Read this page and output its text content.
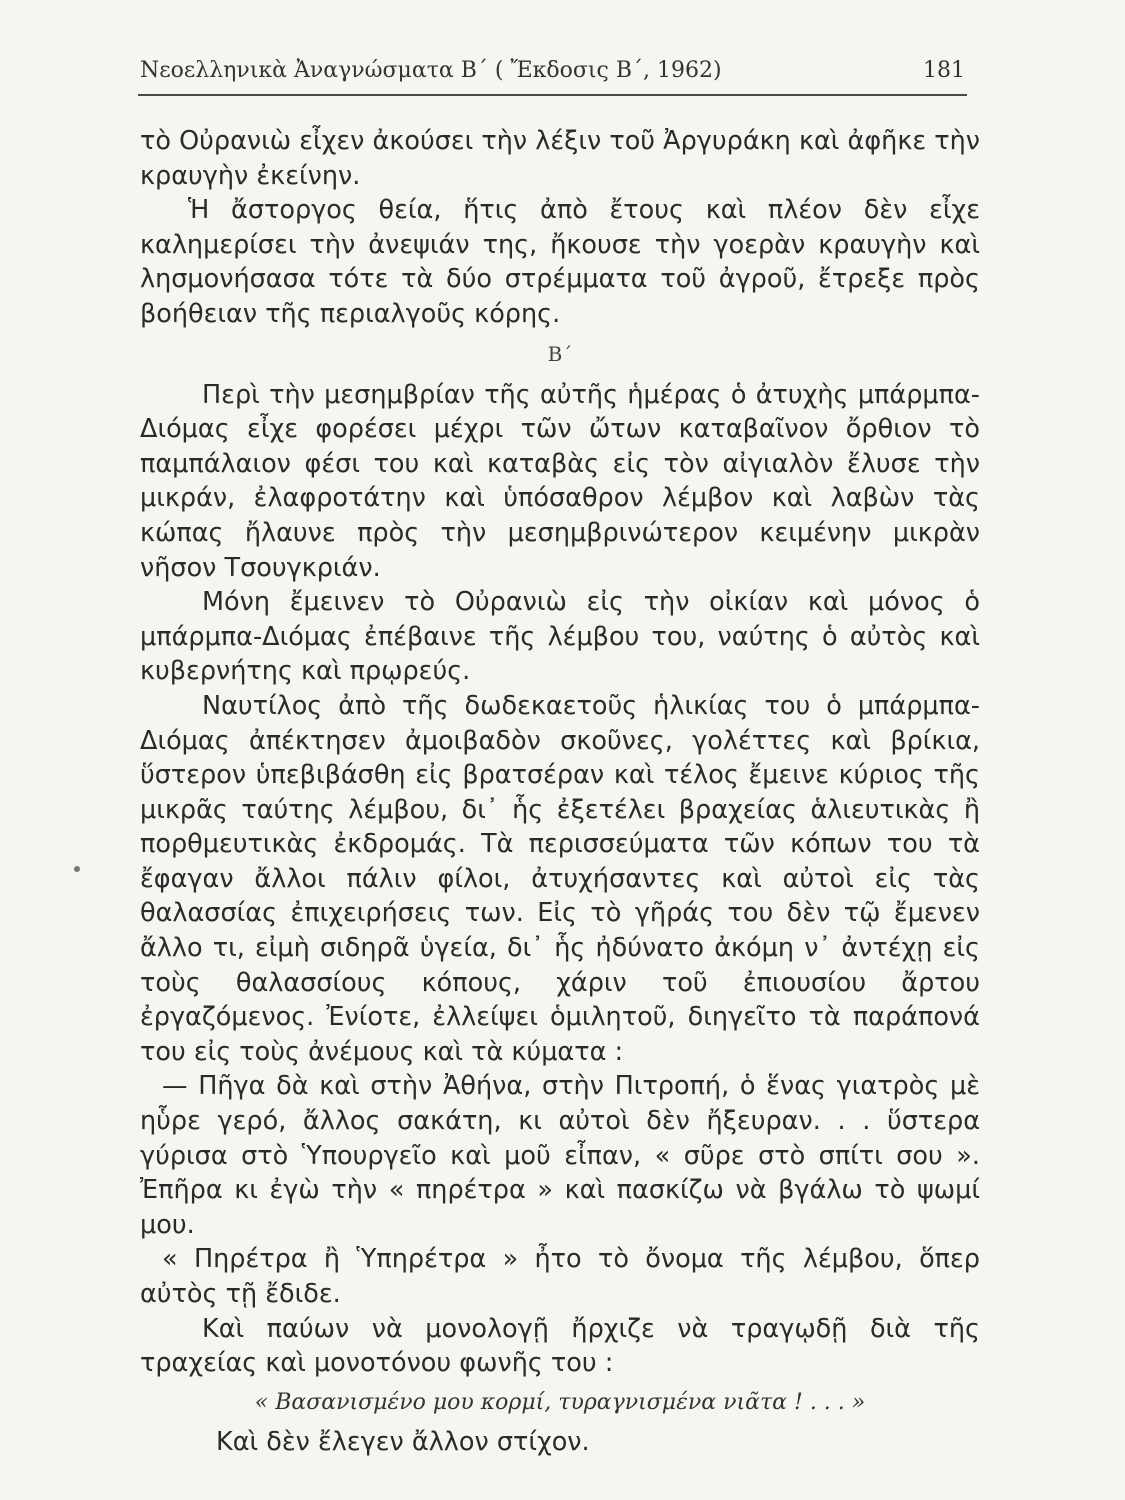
Νεοελληνικὰ Ἀναγνώσματα Β´ ( Ἔκδοσις Β´, 1962)	181

τὸ Οὐρανιὼ εἶχεν ἀκούσει τὴν λέξιν τοῦ Ἀργυράκη καὶ ἀφῆκε τὴν κραυγὴν ἐκείνην.

Ἡ ἄστοργος θεία, ἥτις ἀπὸ ἔτους καὶ πλέον δὲν εἶχε καλημερίσει τὴν ἀνεψιάν της, ἤκουσε τὴν γοερὰν κραυγὴν καὶ λησμονήσασα τότε τὰ δύο στρέμματα τοῦ ἀγροῦ, ἔτρεξε πρὸς βοήθειαν τῆς περιαλγοῦς κόρης.

Β´

Περὶ τὴν μεσημβρίαν τῆς αὐτῆς ἡμέρας ὁ ἀτυχὴς μπάρμπα-Διόμας εἶχε φορέσει μέχρι τῶν ὤτων καταβαῖνον ὄρθιον τὸ παμπάλαιον φέσι του καὶ καταβὰς εἰς τὸν αἰγιαλὸν ἔλυσε τὴν μικράν, ἐλαφροτάτην καὶ ὑπόσαθρον λέμβον καὶ λαβὼν τὰς κώπας ἤλαυνε πρὸς τὴν μεσημβρινώτερον κειμένην μικρὰν νῆσον Τσουγκριάν.

Μόνη ἔμεινεν τὸ Οὐρανιὼ εἰς τὴν οἰκίαν καὶ μόνος ὁ μπάρμπα-Διόμας ἐπέβαινε τῆς λέμβου του, ναύτης ὁ αὐτὸς καὶ κυβερνήτης καὶ πρῳρεύς.

Ναυτίλος ἀπὸ τῆς δωδεκαετοῦς ἡλικίας του ὁ μπάρμπα-Διόμας ἀπέκτησεν ἀμοιβαδὸν σκοῦνες, γολέττες καὶ βρίκια, ὕστερον ὑπεβιβάσθη εἰς βρατσέραν καὶ τέλος ἔμεινε κύριος τῆς μικρᾶς ταύτης λέμβου, δι᾽ ἧς ἐξετέλει βραχείας ἁλιευτικὰς ἢ πορθμευτικὰς ἐκδρομάς. Τὰ περισσεύματα τῶν κόπων του τὰ ἔφαγαν ἄλλοι πάλιν φίλοι, ἀτυχήσαντες καὶ αὐτοὶ εἰς τὰς θαλασσίας ἐπιχειρήσεις των. Εἰς τὸ γῆράς του δὲν τῷ ἔμενεν ἄλλο τι, εἰμὴ σιδηρᾶ ὑγεία, δι᾽ ἧς ἠδύνατο ἀκόμη ν᾽ ἀντέχῃ εἰς τοὺς θαλασσίους κόπους, χάριν τοῦ ἐπιουσίου ἄρτου ἐργαζόμενος. Ἐνίοτε, ἐλλείψει ὁμιλητοῦ, διηγεῖτο τὰ παράπονά του εἰς τοὺς ἀνέμους καὶ τὰ κύματα :

— Πῆγα δὰ καὶ στὴν Ἀθήνα, στὴν Πιτροπή, ὁ ἕνας γιατρὸς μὲ ηὗρε γερό, ἄλλος σακάτη, κι αὐτοὶ δὲν ἤξευραν. . . ὕστερα γύρισα στὸ Ὑπουργεῖο καὶ μοῦ εἶπαν, « σῦρε στὸ σπίτι σου ». Ἐπῆρα κι ἐγὼ τὴν « πηρέτρα » καὶ πασκίζω νὰ βγάλω τὸ ψωμί μου.

« Πηρέτρα ἢ Ὑπηρέτρα » ἦτο τὸ ὄνομα τῆς λέμβου, ὅπερ αὐτὸς τῇ ἔδιδε.

Καὶ παύων νὰ μονολογῇ ἤρχιζε νὰ τραγῳδῇ διὰ τῆς τραχείας καὶ μονοτόνου φωνῆς του :

« Βασανισμένο μου κορμί, τυραγνισμένα νιᾶτα ! . . . »

Καὶ δὲν ἔλεγεν ἄλλον στίχον.
